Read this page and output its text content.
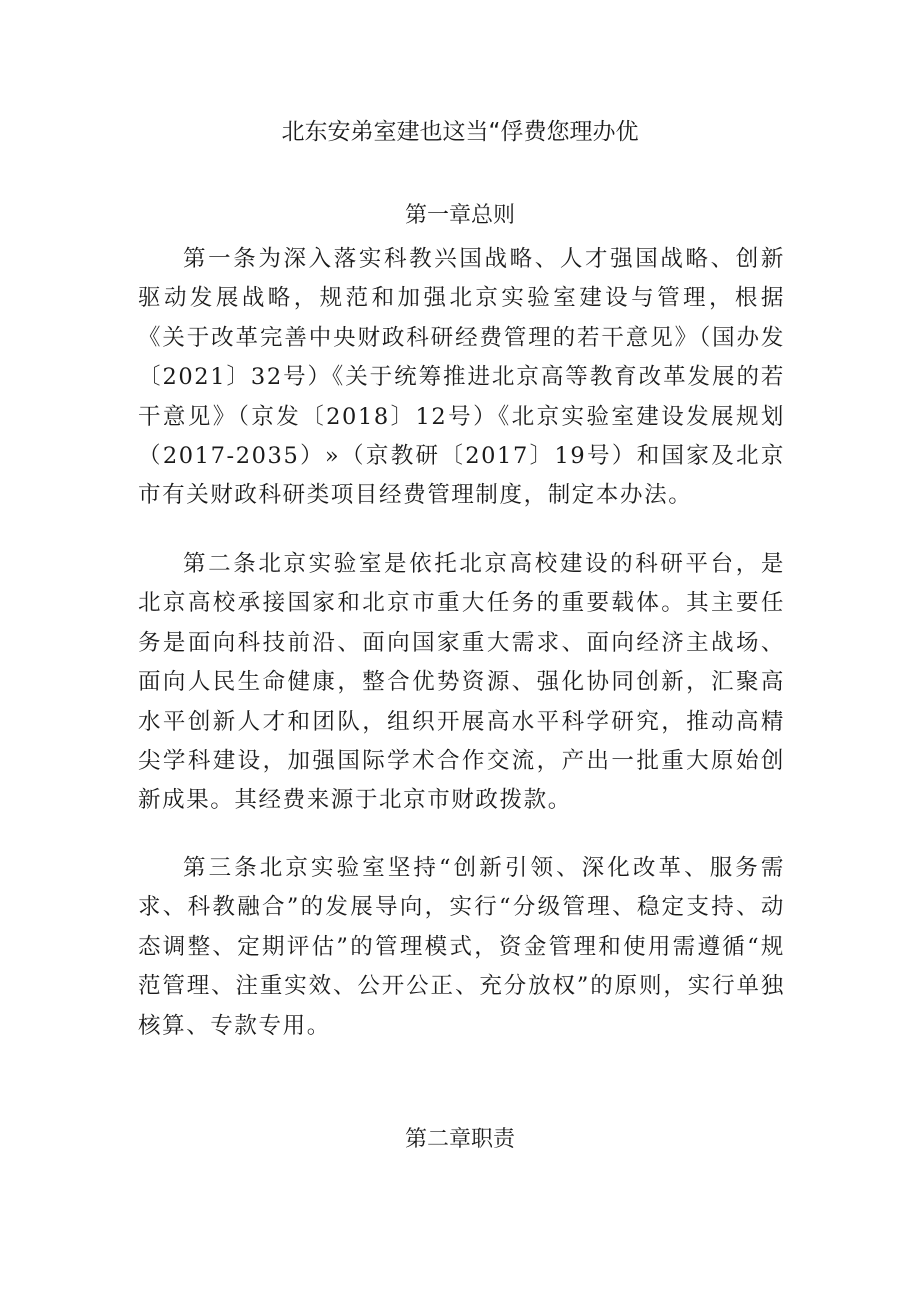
北东安弟室建也这当“俘费您理办优
第一章总则

第一条为深入落实科教兴国战略、人才强国战略、创新驱动发展战略，规范和加强北京实验室建设与管理，根据《关于改革完善中央财政科研经费管理的若干意见》（国办发〔2021〕32号）《关于统筹推进北京高等教育改革发展的若干意见》（京发〔2018〕12号）《北京实验室建设发展规划（2017-2035）»（京教研〔2017〕19号）和国家及北京市有关财政科研类项目经费管理制度，制定本办法。

第二条北京实验室是依托北京高校建设的科研平台，是北京高校承接国家和北京市重大任务的重要载体。其主要任务是面向科技前沿、面向国家重大需求、面向经济主战场、面向人民生命健康，整合优势资源、强化协同创新，汇聚高水平创新人才和团队，组织开展高水平科学研究，推动高精尖学科建设，加强国际学术合作交流，产出一批重大原始创新成果。其经费来源于北京市财政拨款。

第三条北京实验室坚持“创新引领、深化改革、服务需求、科教融合”的发展导向，实行“分级管理、稳定支持、动态调整、定期评估”的管理模式，资金管理和使用需遵循“规范管理、注重实效、公开公正、充分放权”的原则，实行单独核算、专款专用。

第二章职责
